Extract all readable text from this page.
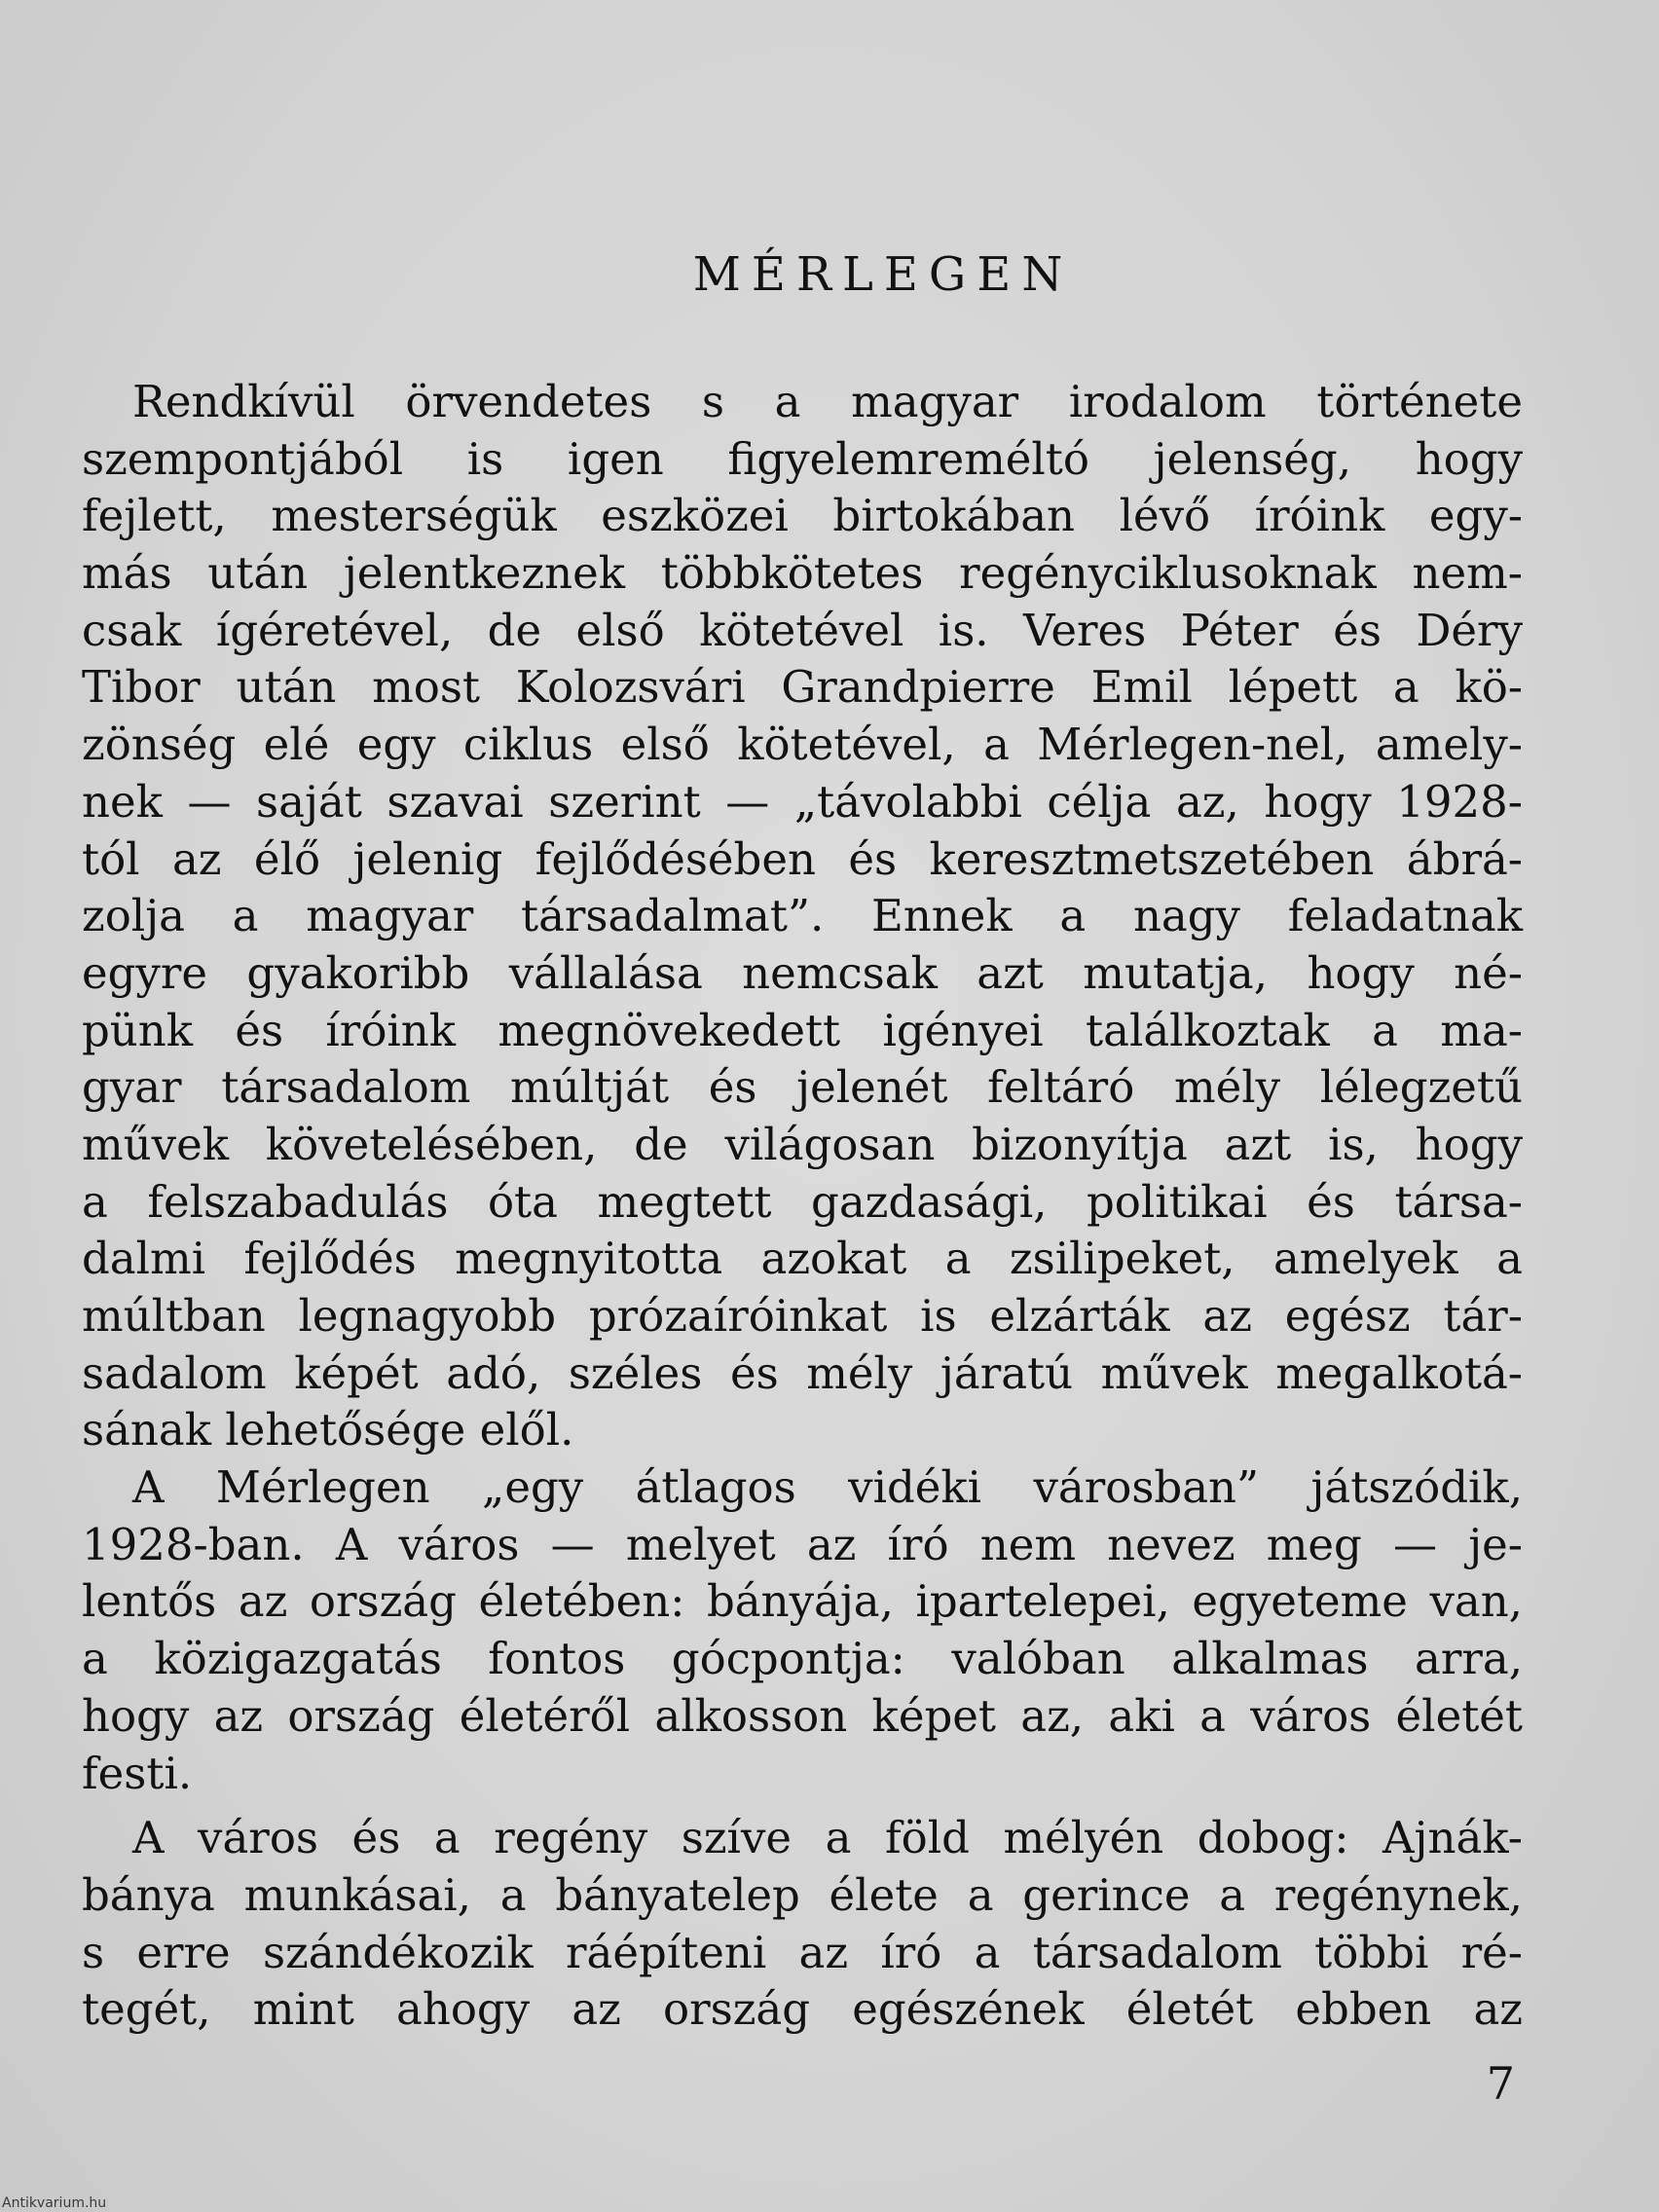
MÉRLEGEN
Rendkívül örvendetes s a magyar irodalom története
szempontjából is igen figyelemreméltó jelenség, hogy
fejlett, mesterségük eszközei birtokában lévő íróink egy-
más után jelentkeznek többkötetes regényciklusoknak nem-
csak ígéretével, de első kötetével is. Veres Péter és Déry
Tibor után most Kolozsvári Grandpierre Emil lépett a kö-
zönség elé egy ciklus első kötetével, a Mérlegen-nel, amely-
nek — saját szavai szerint — „távolabbi célja az, hogy 1928-
tól az élő jelenig fejlődésében és keresztmetszetében ábrá-
zolja a magyar társadalmat”. Ennek a nagy feladatnak
egyre gyakoribb vállalása nemcsak azt mutatja, hogy né-
pünk és íróink megnövekedett igényei találkoztak a ma-
gyar társadalom múltját és jelenét feltáró mély lélegzetű
művek követelésében, de világosan bizonyítja azt is, hogy
a felszabadulás óta megtett gazdasági, politikai és társa-
dalmi fejlődés megnyitotta azokat a zsilipeket, amelyek a
múltban legnagyobb prózaíróinkat is elzárták az egész tár-
sadalom képét adó, széles és mély járatú művek megalkotá-
sának lehetősége elől.
A Mérlegen „egy átlagos vidéki városban” játszódik,
1928-ban. A város — melyet az író nem nevez meg — je-
lentős az ország életében: bányája, ipartelepei, egyeteme van,
a közigazgatás fontos gócpontja: valóban alkalmas arra,
hogy az ország életéről alkosson képet az, aki a város életét
festi.
A város és a regény szíve a föld mélyén dobog: Ajnák-
bánya munkásai, a bányatelep élete a gerince a regénynek,
s erre szándékozik ráépíteni az író a társadalom többi ré-
tegét, mint ahogy az ország egészének életét ebben az
7
Antikvarium.hu
